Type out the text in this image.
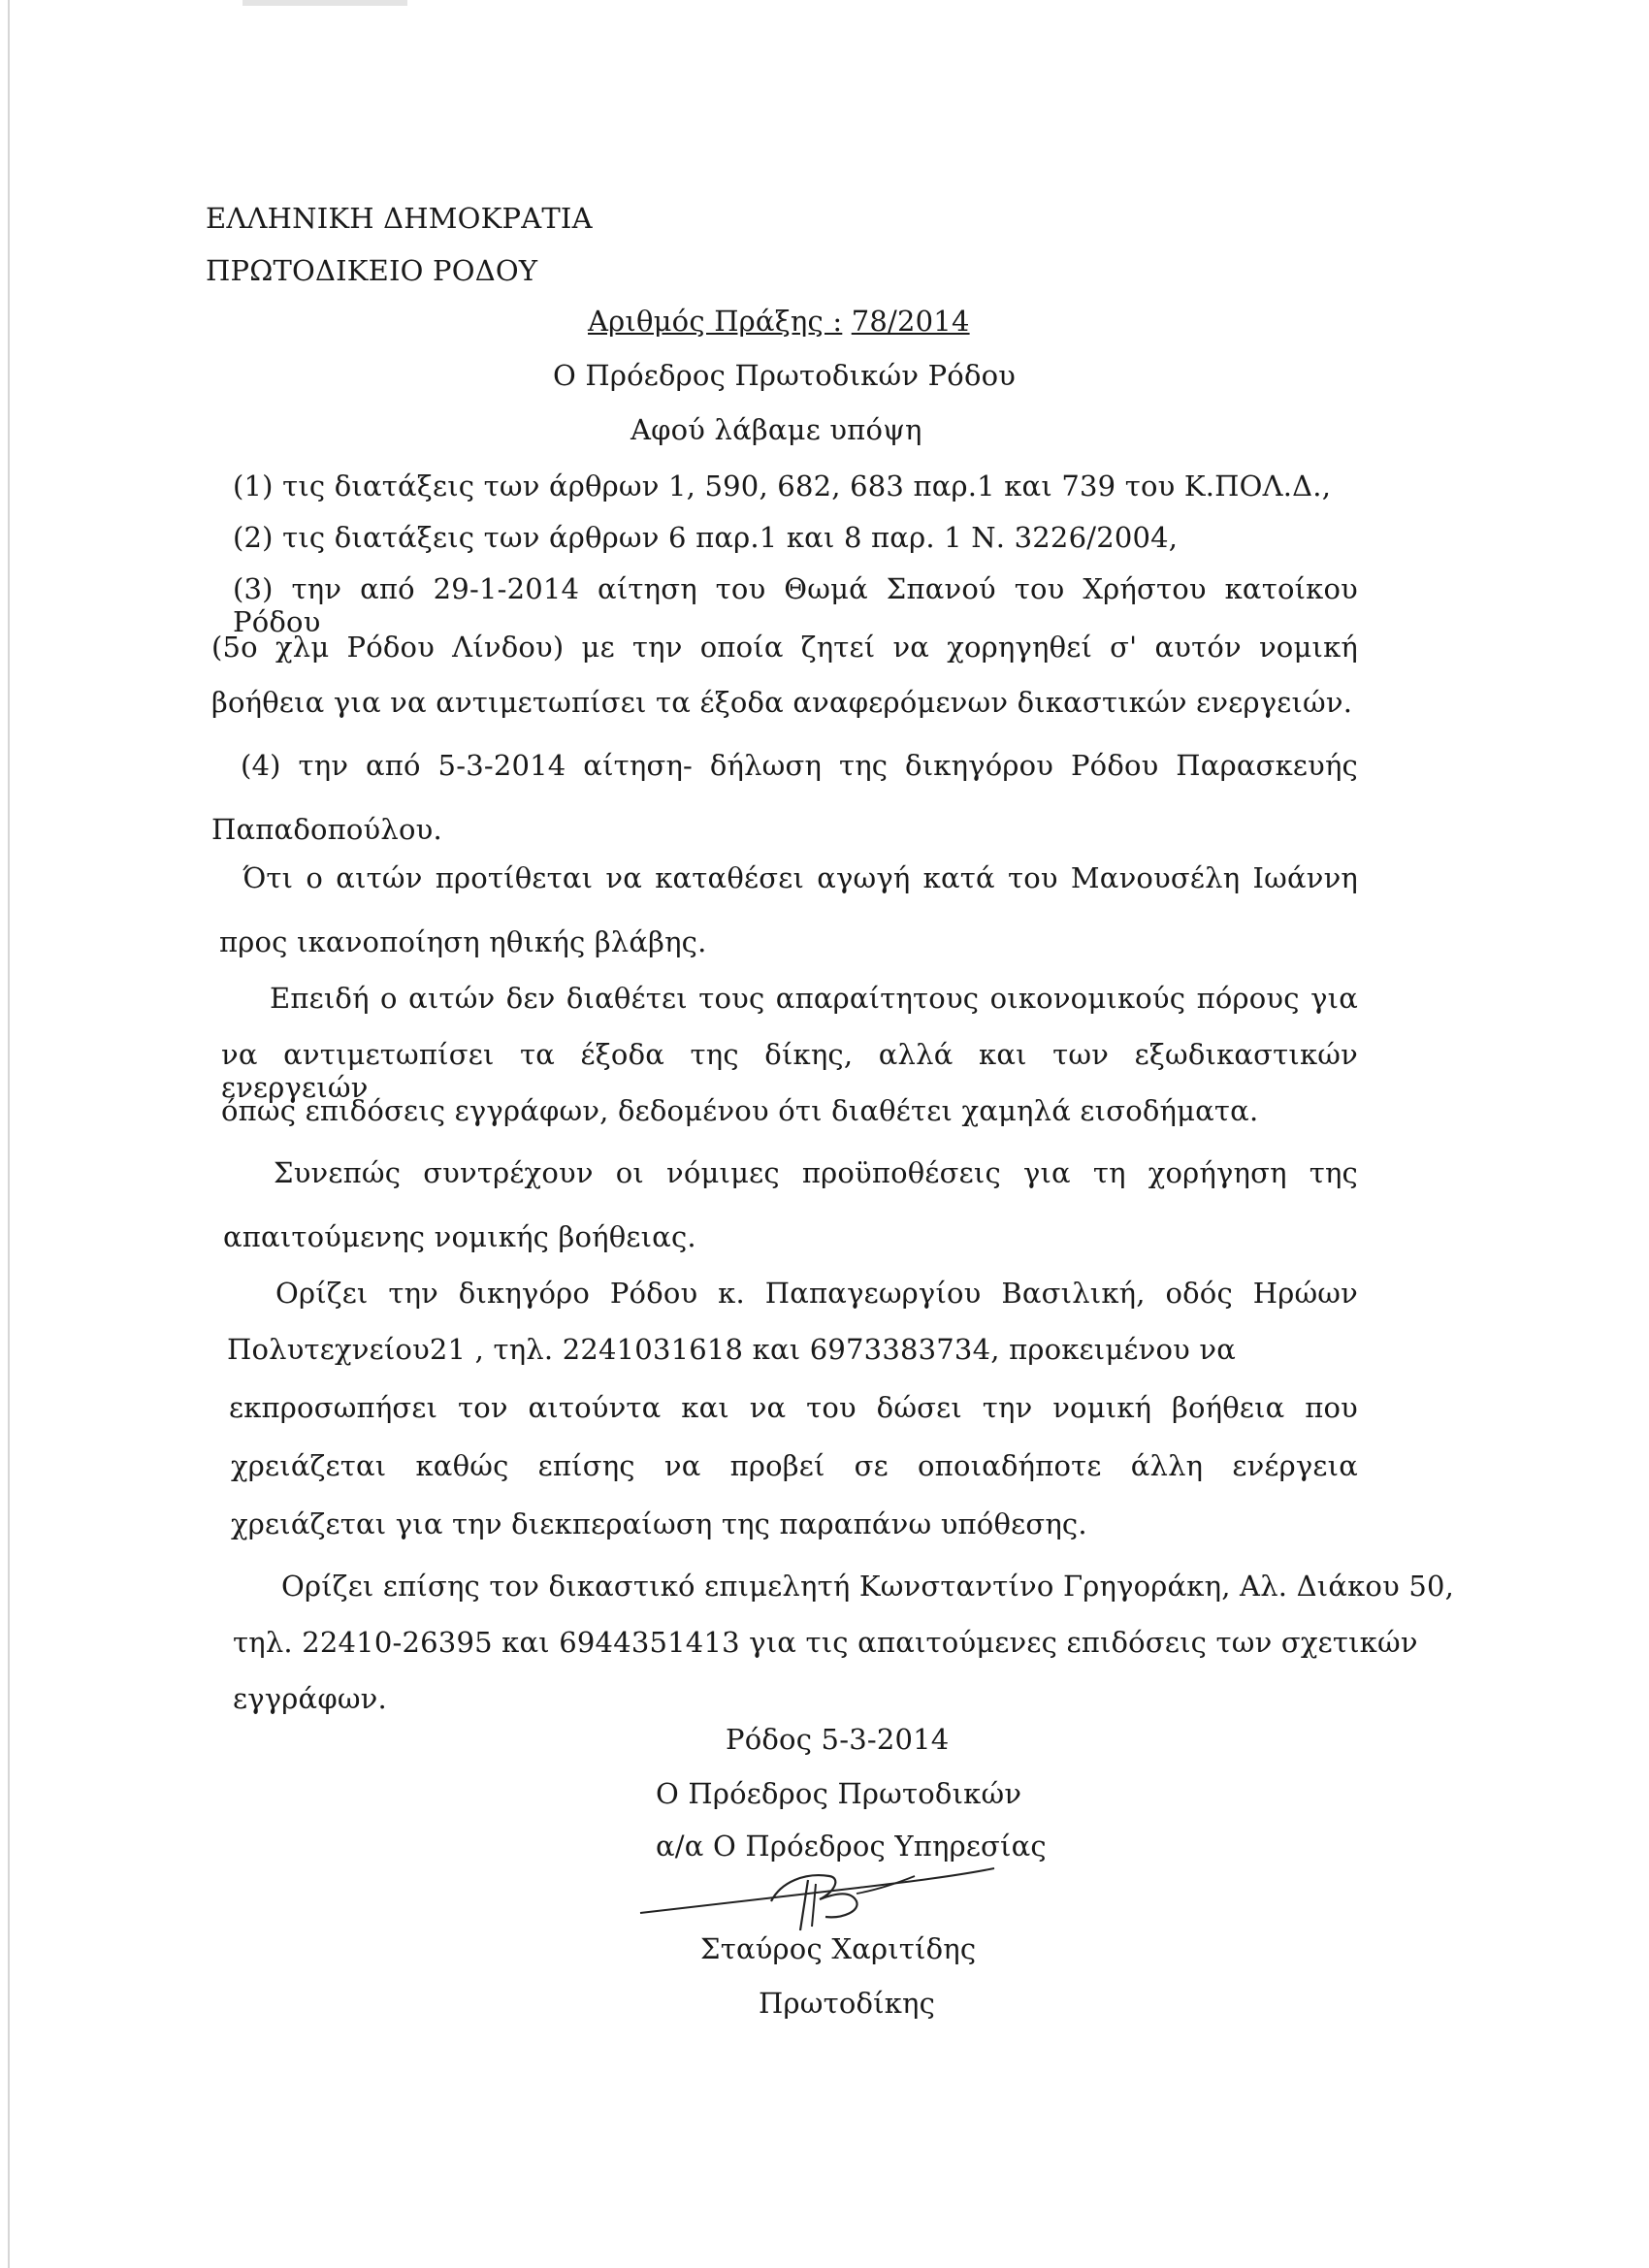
ΕΛΛΗΝΙΚΗ ΔΗΜΟΚΡΑΤΙΑ
ΠΡΩΤΟΔΙΚΕΙΟ ΡΟΔΟΥ
Αριθμός Πράξης : 78/2014
Ο Πρόεδρος Πρωτοδικών Ρόδου
Αφού λάβαμε υπόψη
(1) τις διατάξεις των άρθρων 1, 590, 682, 683 παρ.1 και 739 του Κ.ΠΟΛ.Δ.,
(2) τις διατάξεις των άρθρων 6 παρ.1 και 8 παρ. 1 Ν. 3226/2004,
(3) την από 29-1-2014 αίτηση του Θωμά Σπανού του Χρήστου κατοίκου Ρόδου
(5ο χλμ Ρόδου Λίνδου) με την οποία ζητεί να χορηγηθεί σ' αυτόν νομική
βοήθεια για να αντιμετωπίσει τα έξοδα αναφερόμενων δικαστικών ενεργειών.
(4) την από 5-3-2014 αίτηση- δήλωση της δικηγόρου Ρόδου Παρασκευής
Παπαδοπούλου.
Ότι ο αιτών προτίθεται να καταθέσει αγωγή κατά του Μανουσέλη Ιωάννη
προς ικανοποίηση ηθικής βλάβης.
Επειδή ο αιτών δεν διαθέτει τους απαραίτητους οικονομικούς πόρους για
να αντιμετωπίσει τα έξοδα της δίκης, αλλά και των εξωδικαστικών ενεργειών
όπως επιδόσεις εγγράφων, δεδομένου ότι διαθέτει χαμηλά εισοδήματα.
Συνεπώς συντρέχουν οι νόμιμες προϋποθέσεις για τη χορήγηση της
απαιτούμενης νομικής βοήθειας.
Ορίζει την δικηγόρο Ρόδου κ. Παπαγεωργίου Βασιλική, οδός Ηρώων
Πολυτεχνείου21 , τηλ. 2241031618 και 6973383734, προκειμένου να
εκπροσωπήσει τον αιτούντα και να του δώσει την νομική βοήθεια που
χρειάζεται καθώς επίσης να προβεί σε οποιαδήποτε άλλη ενέργεια
χρειάζεται για την διεκπεραίωση της παραπάνω υπόθεσης.
Ορίζει επίσης τον δικαστικό επιμελητή Κωνσταντίνο Γρηγοράκη, Αλ. Διάκου 50,
τηλ. 22410-26395 και 6944351413 για τις απαιτούμενες επιδόσεις των σχετικών
εγγράφων.
Ρόδος 5-3-2014
Ο Πρόεδρος Πρωτοδικών
α/α Ο Πρόεδρος Υπηρεσίας
Σταύρος Χαριτίδης
Πρωτοδίκης
